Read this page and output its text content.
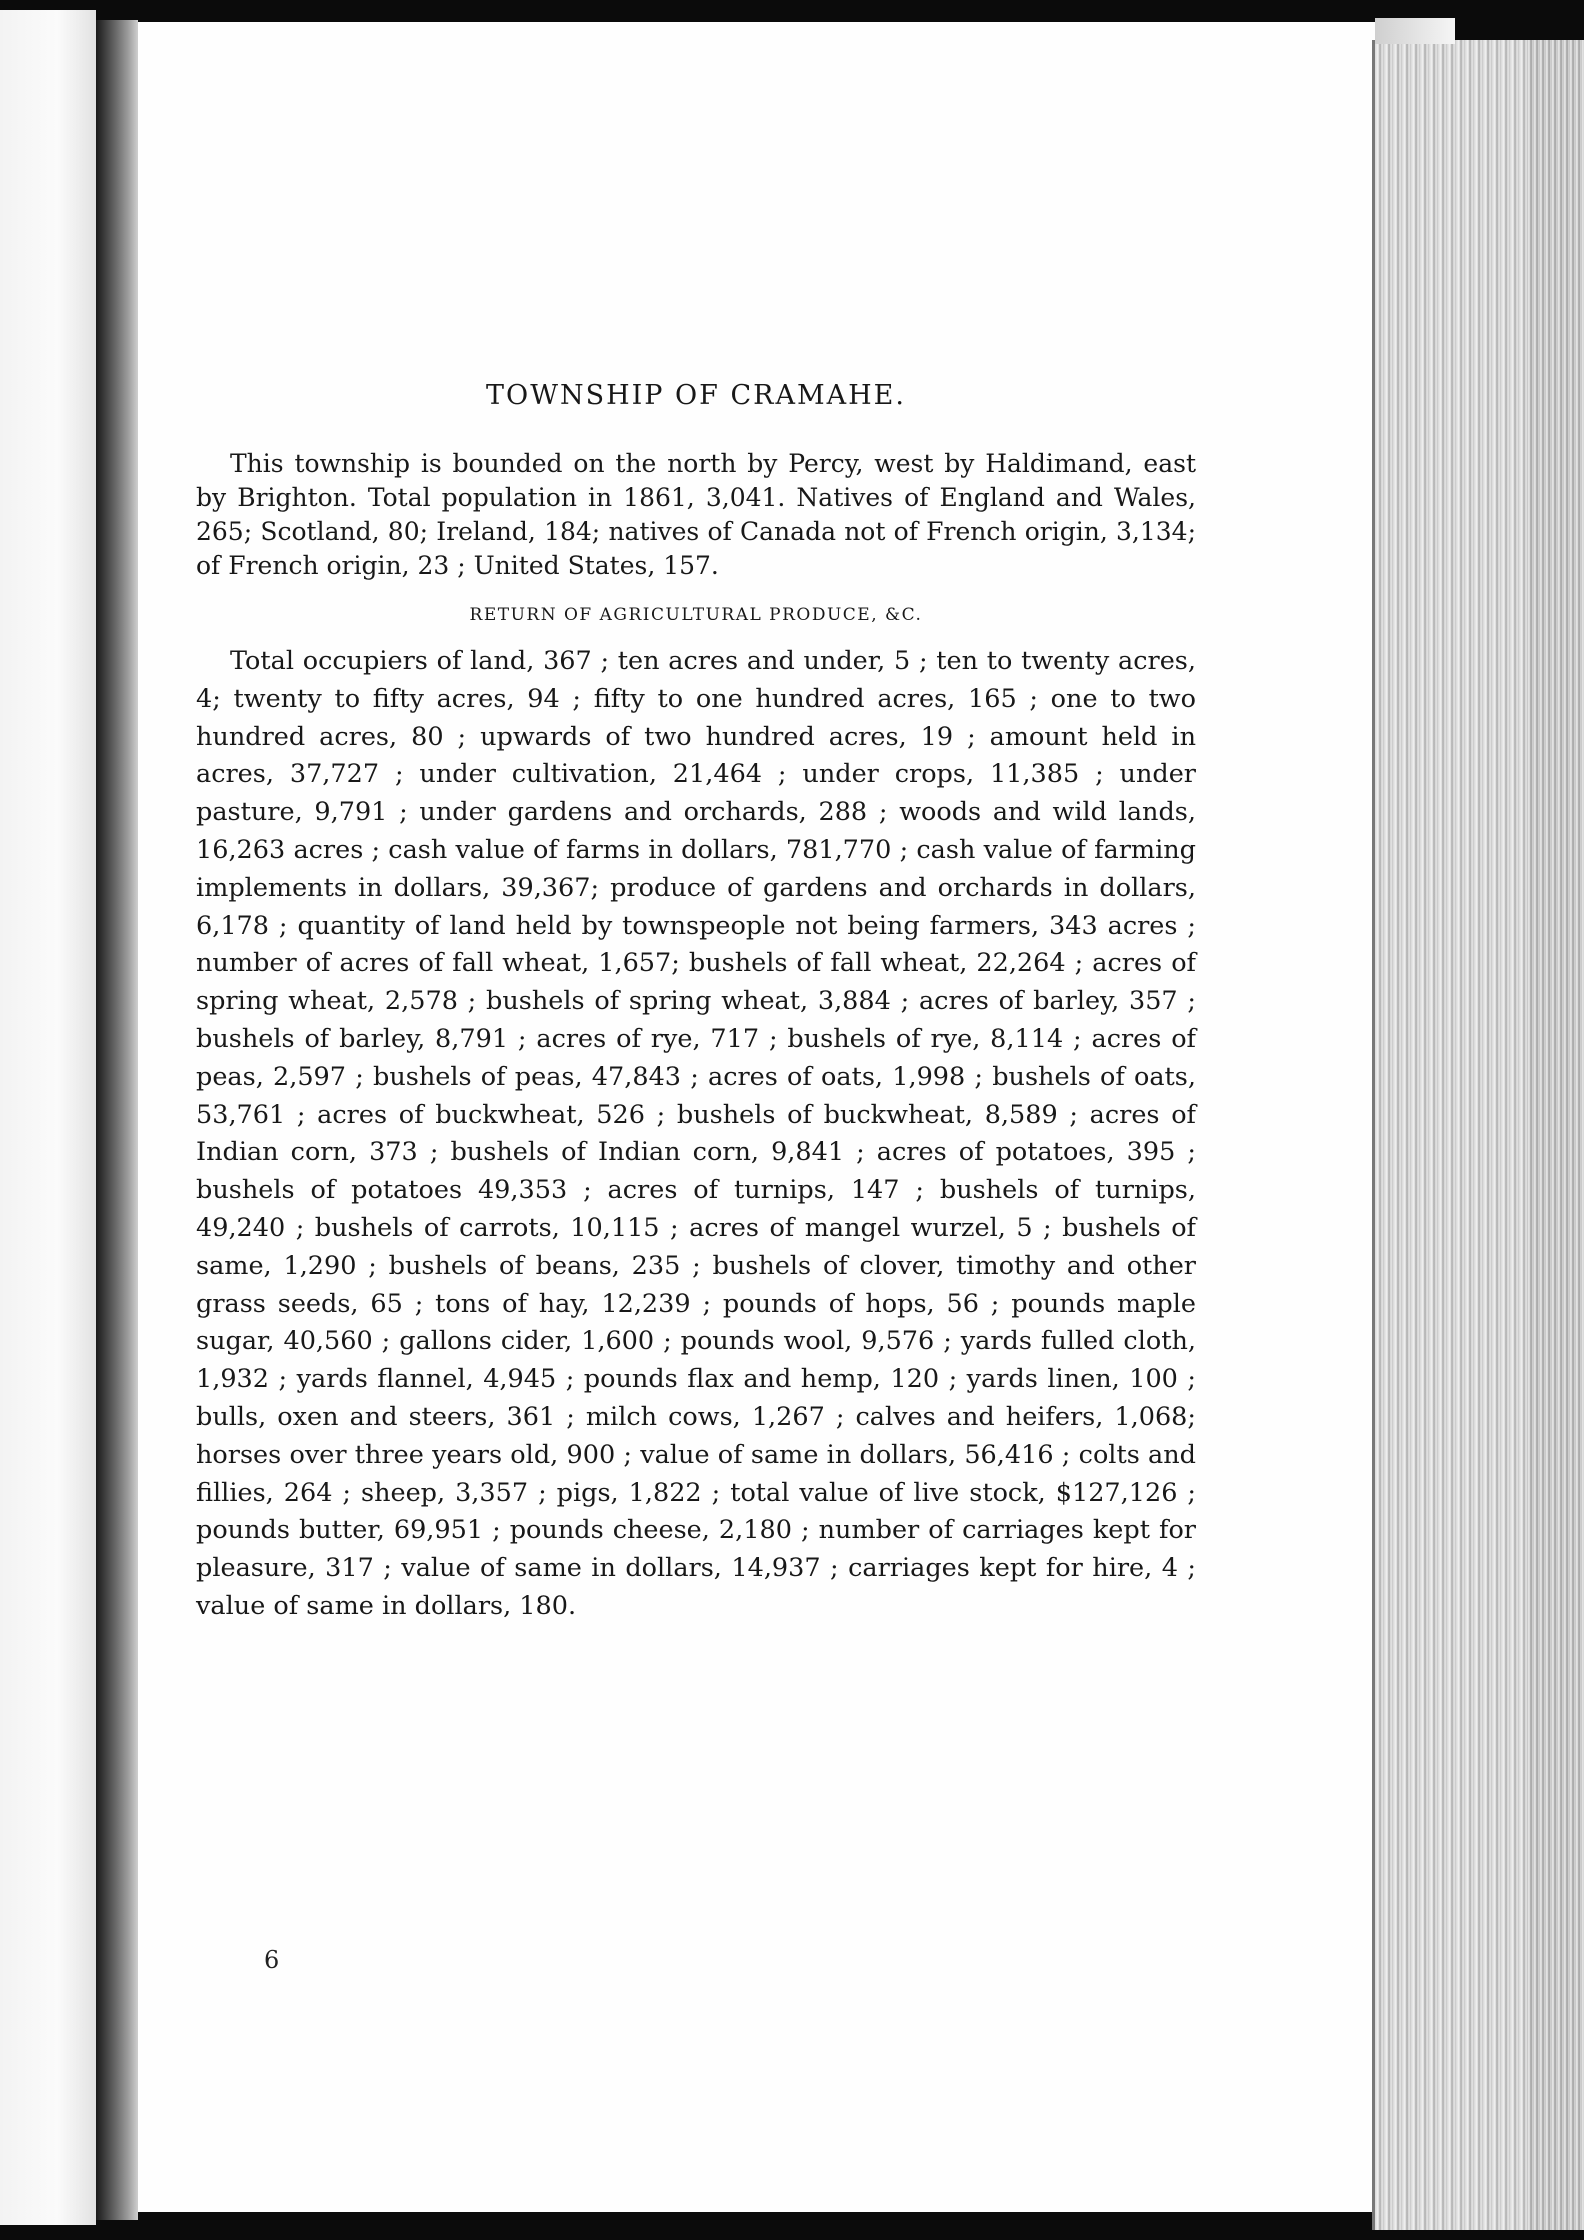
TOWNSHIP OF CRAMAHE.

This township is bounded on the north by Percy, west by Haldimand, east by Brighton. Total population in 1861, 3,041. Natives of England and Wales, 265; Scotland, 80; Ireland, 184; natives of Canada not of French origin, 3,134; of French origin, 23 ; United States, 157.

RETURN OF AGRICULTURAL PRODUCE, &C.

Total occupiers of land, 367 ; ten acres and under, 5 ; ten to twenty acres, 4; twenty to fifty acres, 94 ; fifty to one hundred acres, 165 ; one to two hundred acres, 80 ; upwards of two hundred acres, 19 ; amount held in acres, 37,727 ; under cultivation, 21,464 ; under crops, 11,385 ; under pasture, 9,791 ; under gardens and orchards, 288 ; woods and wild lands, 16,263 acres ; cash value of farms in dollars, 781,770 ; cash value of farming implements in dollars, 39,367; produce of gardens and orchards in dollars, 6,178 ; quantity of land held by townspeople not being farmers, 343 acres ; number of acres of fall wheat, 1,657; bushels of fall wheat, 22,264 ; acres of spring wheat, 2,578 ; bushels of spring wheat, 3,884 ; acres of barley, 357 ; bushels of barley, 8,791 ; acres of rye, 717 ; bushels of rye, 8,114 ; acres of peas, 2,597 ; bushels of peas, 47,843 ; acres of oats, 1,998 ; bushels of oats, 53,761 ; acres of buckwheat, 526 ; bushels of buckwheat, 8,589 ; acres of Indian corn, 373 ; bushels of Indian corn, 9,841 ; acres of potatoes, 395 ; bushels of potatoes 49,353 ; acres of turnips, 147 ; bushels of turnips, 49,240 ; bushels of carrots, 10,115 ; acres of mangel wurzel, 5 ; bushels of same, 1,290 ; bushels of beans, 235 ; bushels of clover, timothy and other grass seeds, 65 ; tons of hay, 12,239 ; pounds of hops, 56 ; pounds maple sugar, 40,560 ; gallons cider, 1,600 ; pounds wool, 9,576 ; yards fulled cloth, 1,932 ; yards flannel, 4,945 ; pounds flax and hemp, 120 ; yards linen, 100 ; bulls, oxen and steers, 361 ; milch cows, 1,267 ; calves and heifers, 1,068; horses over three years old, 900 ; value of same in dollars, 56,416 ; colts and fillies, 264 ; sheep, 3,357 ; pigs, 1,822 ; total value of live stock, $127,126 ; pounds butter, 69,951 ; pounds cheese, 2,180 ; number of carriages kept for pleasure, 317 ; value of same in dollars, 14,937 ; carriages kept for hire, 4 ; value of same in dollars, 180.

6
